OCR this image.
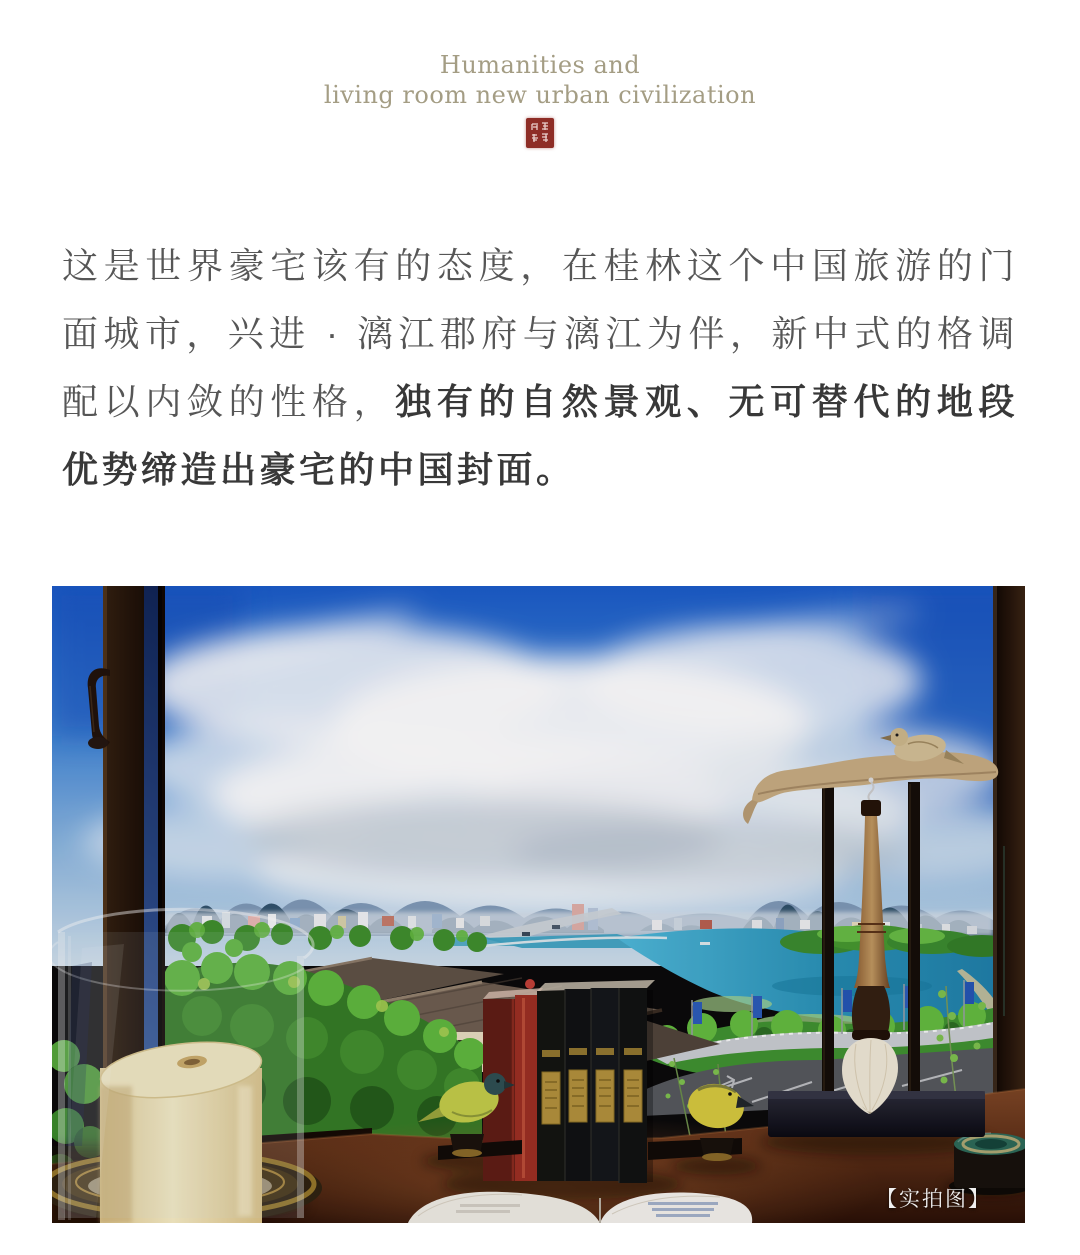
Humanities and
living room new urban civilization
这是世界豪宅该有的态度，在桂林这个中国旅游的门
面城市，兴进 · 漓江郡府与漓江为伴，新中式的格调
配以内敛的性格，独有的自然景观、无可替代的地段
优势缔造出豪宅的中国封面。
【实拍图】
